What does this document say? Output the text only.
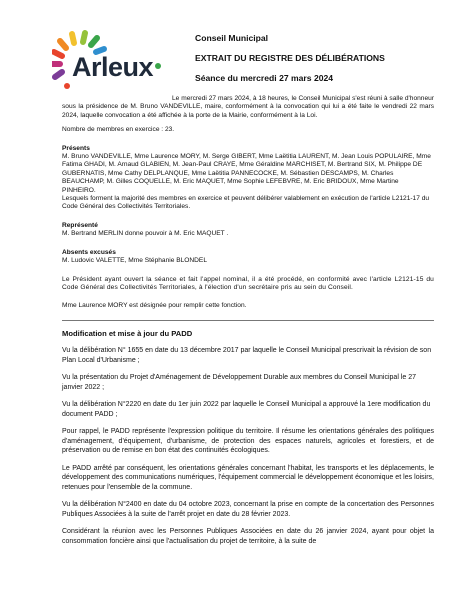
Arleux
Conseil Municipal
EXTRAIT DU REGISTRE DES DÉLIBÉRATIONS
Séance du mercredi 27 mars 2024

Le mercredi 27 mars 2024, à 18 heures, le Conseil Municipal s'est réuni à salle d'honneur sous la présidence de M. Bruno VANDEVILLE, maire, conformément à la convocation qui lui a été faite le vendredi 22 mars 2024, laquelle convocation a été affichée à la porte de la Mairie, conformément à la Loi.

Nombre de membres en exercice : 23.

Présents

M. Bruno VANDEVILLE, Mme Laurence MORY, M. Serge GIBERT, Mme Laëtitia LAURENT, M. Jean Louis POPULAIRE, Mme Fatima GHADI, M. Arnaud GLABIEN, M. Jean-Paul CRAYE, Mme Géraldine MARCHISET, M. Bertrand SIX, M. Philippe DE GUBERNATIS, Mme Cathy DELPLANQUE, Mme Laëtitia PANNECOCKE, M. Sébastien DESCAMPS, M. Charles BEAUCHAMP, M. Gilles COQUELLE, M. Eric MAQUET, Mme Sophie LEFEBVRE, M. Eric BRIDOUX, Mme Martine PINHEIRO.

Lesquels forment la majorité des membres en exercice et peuvent délibérer valablement en exécution de l'article L2121-17 du Code Général des Collectivités Territoriales.

Représenté

M. Bertrand MERLIN donne pouvoir à M. Eric MAQUET .

Absents excusés

M. Ludovic VALETTE, Mme Stéphanie BLONDEL

Le Président ayant ouvert la séance et fait l'appel nominal, il a été procédé, en conformité avec l'article L2121-15 du Code Général des Collectivités Territoriales, à l'élection d'un secrétaire pris au sein du Conseil.

Mme Laurence MORY est désignée pour remplir cette fonction.

Modification et mise à jour du PADD

Vu la délibération N° 1655 en date du 13 décembre 2017 par laquelle le Conseil Municipal prescrivait la révision de son Plan Local d'Urbanisme ;

Vu la présentation du Projet d'Aménagement de Développement Durable aux membres du Conseil Municipal le 27 janvier 2022 ;

Vu la délibération N°2220 en date du 1er juin 2022 par laquelle le Conseil Municipal a approuvé la 1ere modification du document PADD ;

Pour rappel, le PADD représente l'expression politique du territoire. Il résume les orientations générales des politiques d'aménagement, d'équipement, d'urbanisme, de protection des espaces naturels, agricoles et forestiers, et de préservation ou de remise en bon état des continuités écologiques.

Le PADD arrêté par conséquent, les orientations générales concernant l'habitat, les transports et les déplacements, le développement des communications numériques, l'équipement commercial le développement économique et les loisirs, retenues pour l'ensemble de la commune.

Vu la délibération N°2400 en date du 04 octobre 2023, concernant la prise en compte de la concertation des Personnes Publiques Associées à la suite de l'arrêt projet en date du 28 février 2023.

Considérant la réunion avec les Personnes Publiques Associées en date du 26 janvier 2024, ayant pour objet la consommation foncière ainsi que l'actualisation du projet de territoire, à la suite de
